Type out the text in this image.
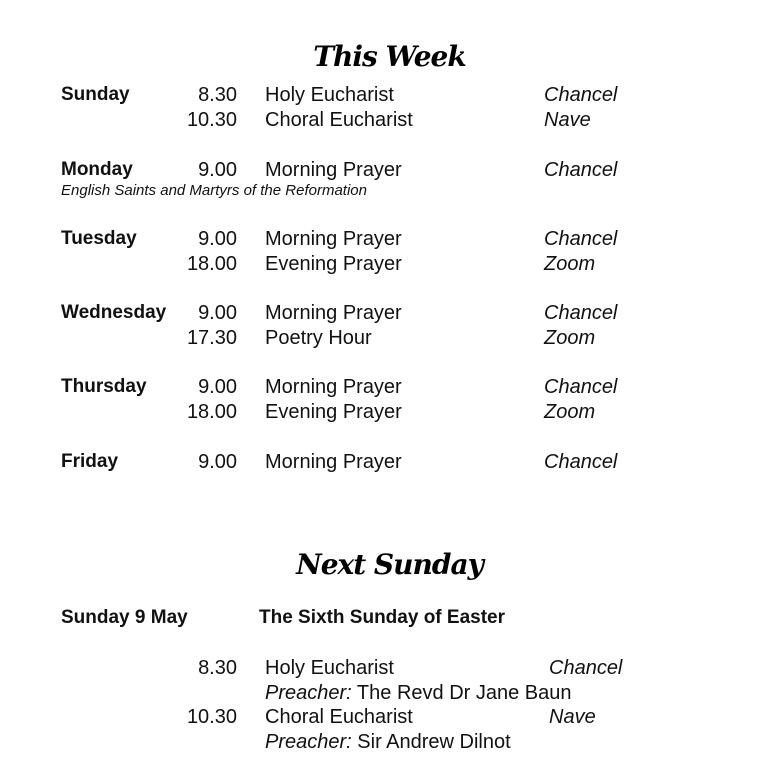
This Week
Sunday	8.30 Holy Eucharist	Chancel
10.30 Choral Eucharist	Nave
Monday	9.00 Morning Prayer	Chancel
English Saints and Martyrs of the Reformation
Tuesday	9.00 Morning Prayer	Chancel
18.00 Evening Prayer	Zoom
Wednesday 9.00 Morning Prayer	Chancel
17.30 Poetry Hour	Zoom
Thursday	9.00 Morning Prayer	Chancel
18.00 Evening Prayer	Zoom
Friday	9.00 Morning Prayer	Chancel
Next Sunday
Sunday 9 May	The Sixth Sunday of Easter
8.30 Holy Eucharist	Chancel
Preacher: The Revd Dr Jane Baun
10.30 Choral Eucharist	Nave
Preacher: Sir Andrew Dilnot
